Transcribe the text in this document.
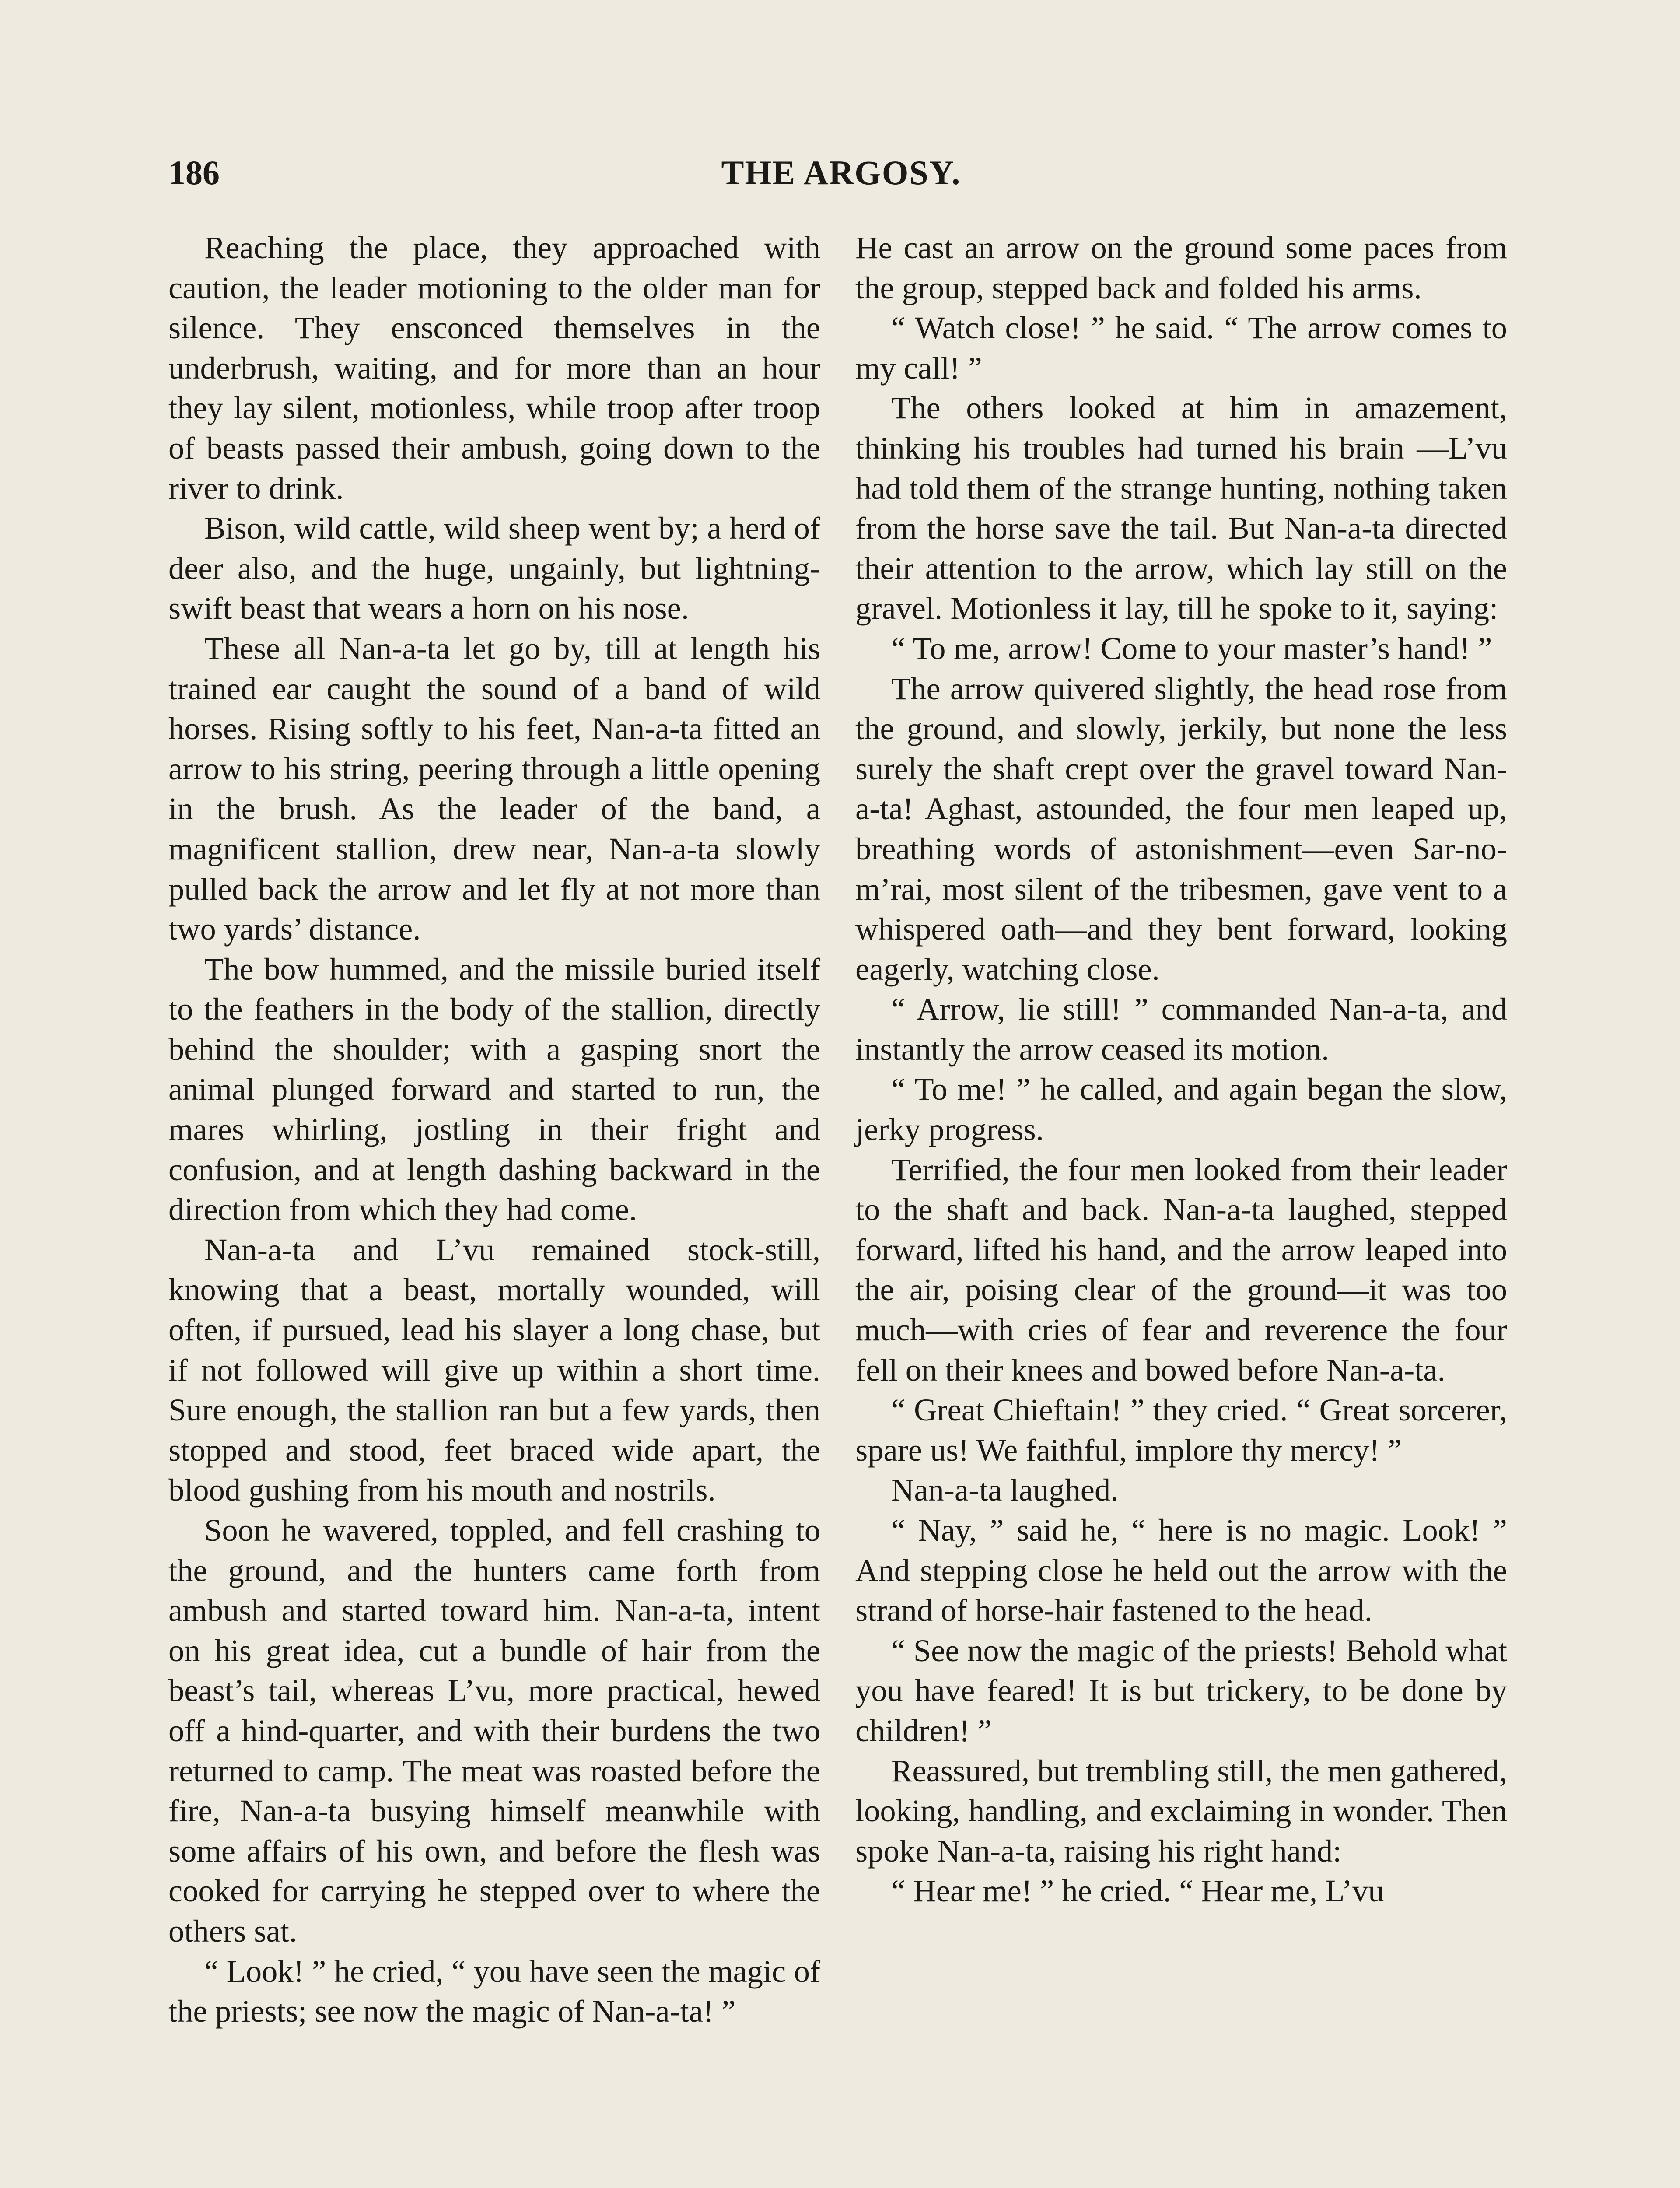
186	THE ARGOSY.

Reaching the place, they approached with caution, the leader motioning to the older man for silence. They ensconced themselves in the underbrush, waiting, and for more than an hour they lay silent, motionless, while troop after troop of beasts passed their ambush, going down to the river to drink.

Bison, wild cattle, wild sheep went by; a herd of deer also, and the huge, ungainly, but lightning-swift beast that wears a horn on his nose.

These all Nan-a-ta let go by, till at length his trained ear caught the sound of a band of wild horses. Rising softly to his feet, Nan-a-ta fitted an arrow to his string, peering through a little opening in the brush. As the leader of the band, a magnificent stallion, drew near, Nan-a-ta slowly pulled back the arrow and let fly at not more than two yards’ distance.

The bow hummed, and the missile buried itself to the feathers in the body of the stallion, directly behind the shoulder; with a gasping snort the animal plunged forward and started to run, the mares whirling, jostling in their fright and confusion, and at length dashing backward in the direction from which they had come.

Nan-a-ta and L’vu remained stock-still, knowing that a beast, mortally wounded, will often, if pursued, lead his slayer a long chase, but if not followed will give up within a short time. Sure enough, the stallion ran but a few yards, then stopped and stood, feet braced wide apart, the blood gushing from his mouth and nostrils.

Soon he wavered, toppled, and fell crashing to the ground, and the hunters came forth from ambush and started toward him. Nan-a-ta, intent on his great idea, cut a bundle of hair from the beast’s tail, whereas L’vu, more practical, hewed off a hind-quarter, and with their burdens the two returned to camp. The meat was roasted before the fire, Nan-a-ta busying himself meanwhile with some affairs of his own, and before the flesh was cooked for carrying he stepped over to where the others sat.

“ Look! ” he cried, “ you have seen the magic of the priests; see now the magic of Nan-a-ta! ”

He cast an arrow on the ground some paces from the group, stepped back and folded his arms.

“ Watch close! ” he said. “ The arrow comes to my call! ”

The others looked at him in amazement, thinking his troubles had turned his brain —L’vu had told them of the strange hunting, nothing taken from the horse save the tail. But Nan-a-ta directed their attention to the arrow, which lay still on the gravel. Motionless it lay, till he spoke to it, saying:

“ To me, arrow! Come to your master’s hand! ”

The arrow quivered slightly, the head rose from the ground, and slowly, jerkily, but none the less surely the shaft crept over the gravel toward Nan-a-ta! Aghast, astounded, the four men leaped up, breathing words of astonishment—even Sar-no-m’rai, most silent of the tribesmen, gave vent to a whispered oath—and they bent forward, looking eagerly, watching close.

“ Arrow, lie still! ” commanded Nan-a-ta, and instantly the arrow ceased its motion.

“ To me! ” he called, and again began the slow, jerky progress.

Terrified, the four men looked from their leader to the shaft and back. Nan-a-ta laughed, stepped forward, lifted his hand, and the arrow leaped into the air, poising clear of the ground—it was too much—with cries of fear and reverence the four fell on their knees and bowed before Nan-a-ta.

“ Great Chieftain! ” they cried. “ Great sorcerer, spare us! We faithful, implore thy mercy! ”

Nan-a-ta laughed.

“ Nay, ” said he, “ here is no magic. Look! ” And stepping close he held out the arrow with the strand of horse-hair fastened to the head.

“ See now the magic of the priests! Behold what you have feared! It is but trickery, to be done by children! ”

Reassured, but trembling still, the men gathered, looking, handling, and exclaiming in wonder. Then spoke Nan-a-ta, raising his right hand:

“ Hear me! ” he cried. “ Hear me, L’vu
